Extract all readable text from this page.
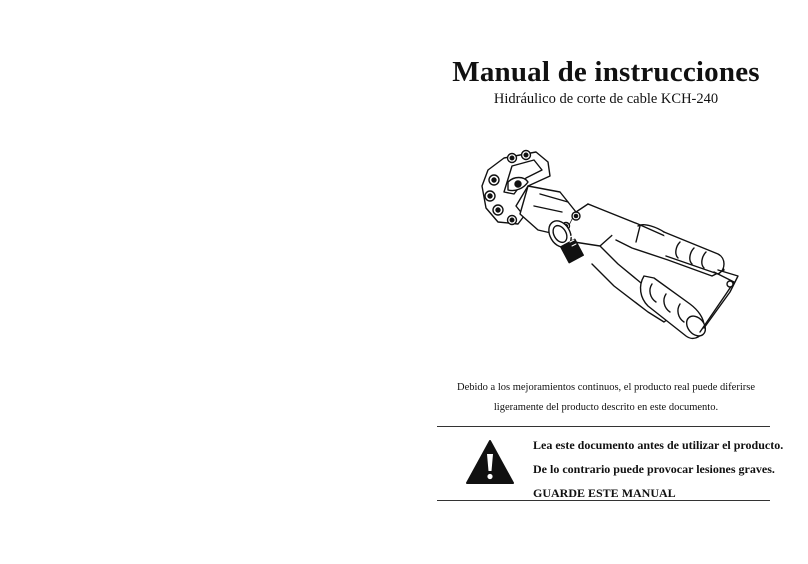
Manual de instrucciones
Hidráulico de corte de cable KCH-240
Debido a los mejoramientos continuos, el producto real puede diferirse
ligeramente del producto descrito en este documento.
Lea este documento antes de utilizar el producto.
De lo contrario puede provocar lesiones graves.
GUARDE ESTE MANUAL
